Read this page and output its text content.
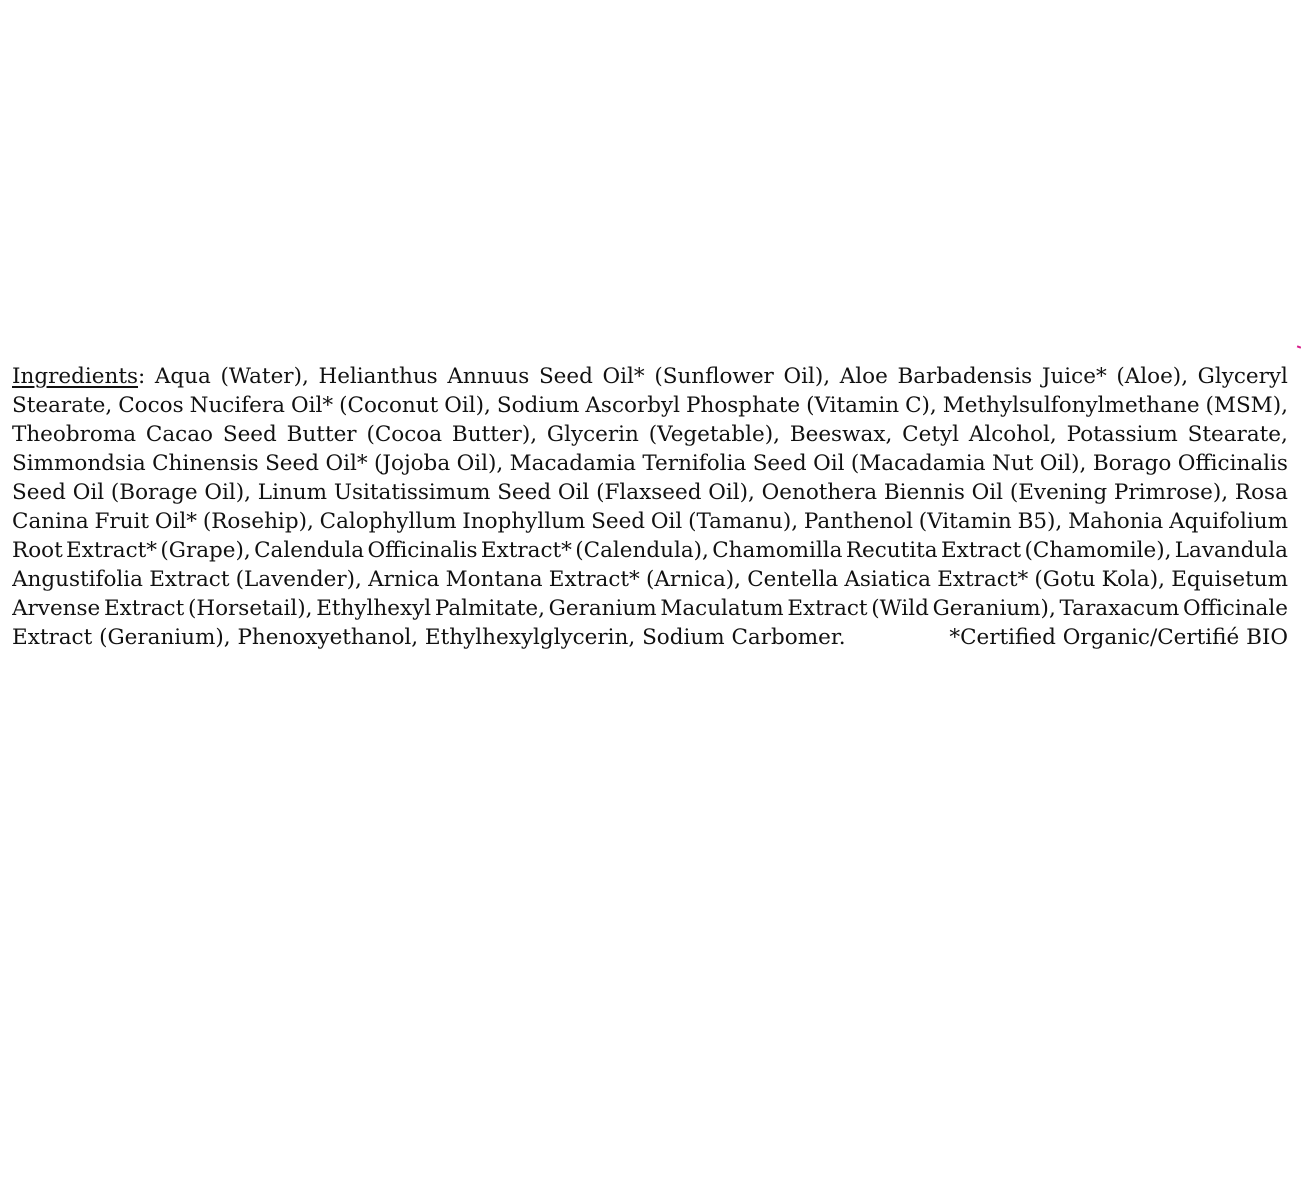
Ingredients: Aqua (Water), Helianthus Annuus Seed Oil* (Sunflower Oil), Aloe Barbadensis Juice* (Aloe), Glyceryl
Stearate, Cocos Nucifera Oil* (Coconut Oil), Sodium Ascorbyl Phosphate (Vitamin C), Methylsulfonylmethane (MSM),
Theobroma Cacao Seed Butter (Cocoa Butter), Glycerin (Vegetable), Beeswax, Cetyl Alcohol, Potassium Stearate,
Simmondsia Chinensis Seed Oil* (Jojoba Oil), Macadamia Ternifolia Seed Oil (Macadamia Nut Oil), Borago Officinalis
Seed Oil (Borage Oil), Linum Usitatissimum Seed Oil (Flaxseed Oil), Oenothera Biennis Oil (Evening Primrose), Rosa
Canina Fruit Oil* (Rosehip), Calophyllum Inophyllum Seed Oil (Tamanu), Panthenol (Vitamin B5), Mahonia Aquifolium
Root Extract* (Grape), Calendula Officinalis Extract* (Calendula), Chamomilla Recutita Extract (Chamomile), Lavandula
Angustifolia Extract (Lavender), Arnica Montana Extract* (Arnica), Centella Asiatica Extract* (Gotu Kola), Equisetum
Arvense Extract (Horsetail), Ethylhexyl Palmitate, Geranium Maculatum Extract (Wild Geranium), Taraxacum Officinale
Extract (Geranium), Phenoxyethanol, Ethylhexylglycerin, Sodium Carbomer.	*Certified Organic/Certifié BIO
